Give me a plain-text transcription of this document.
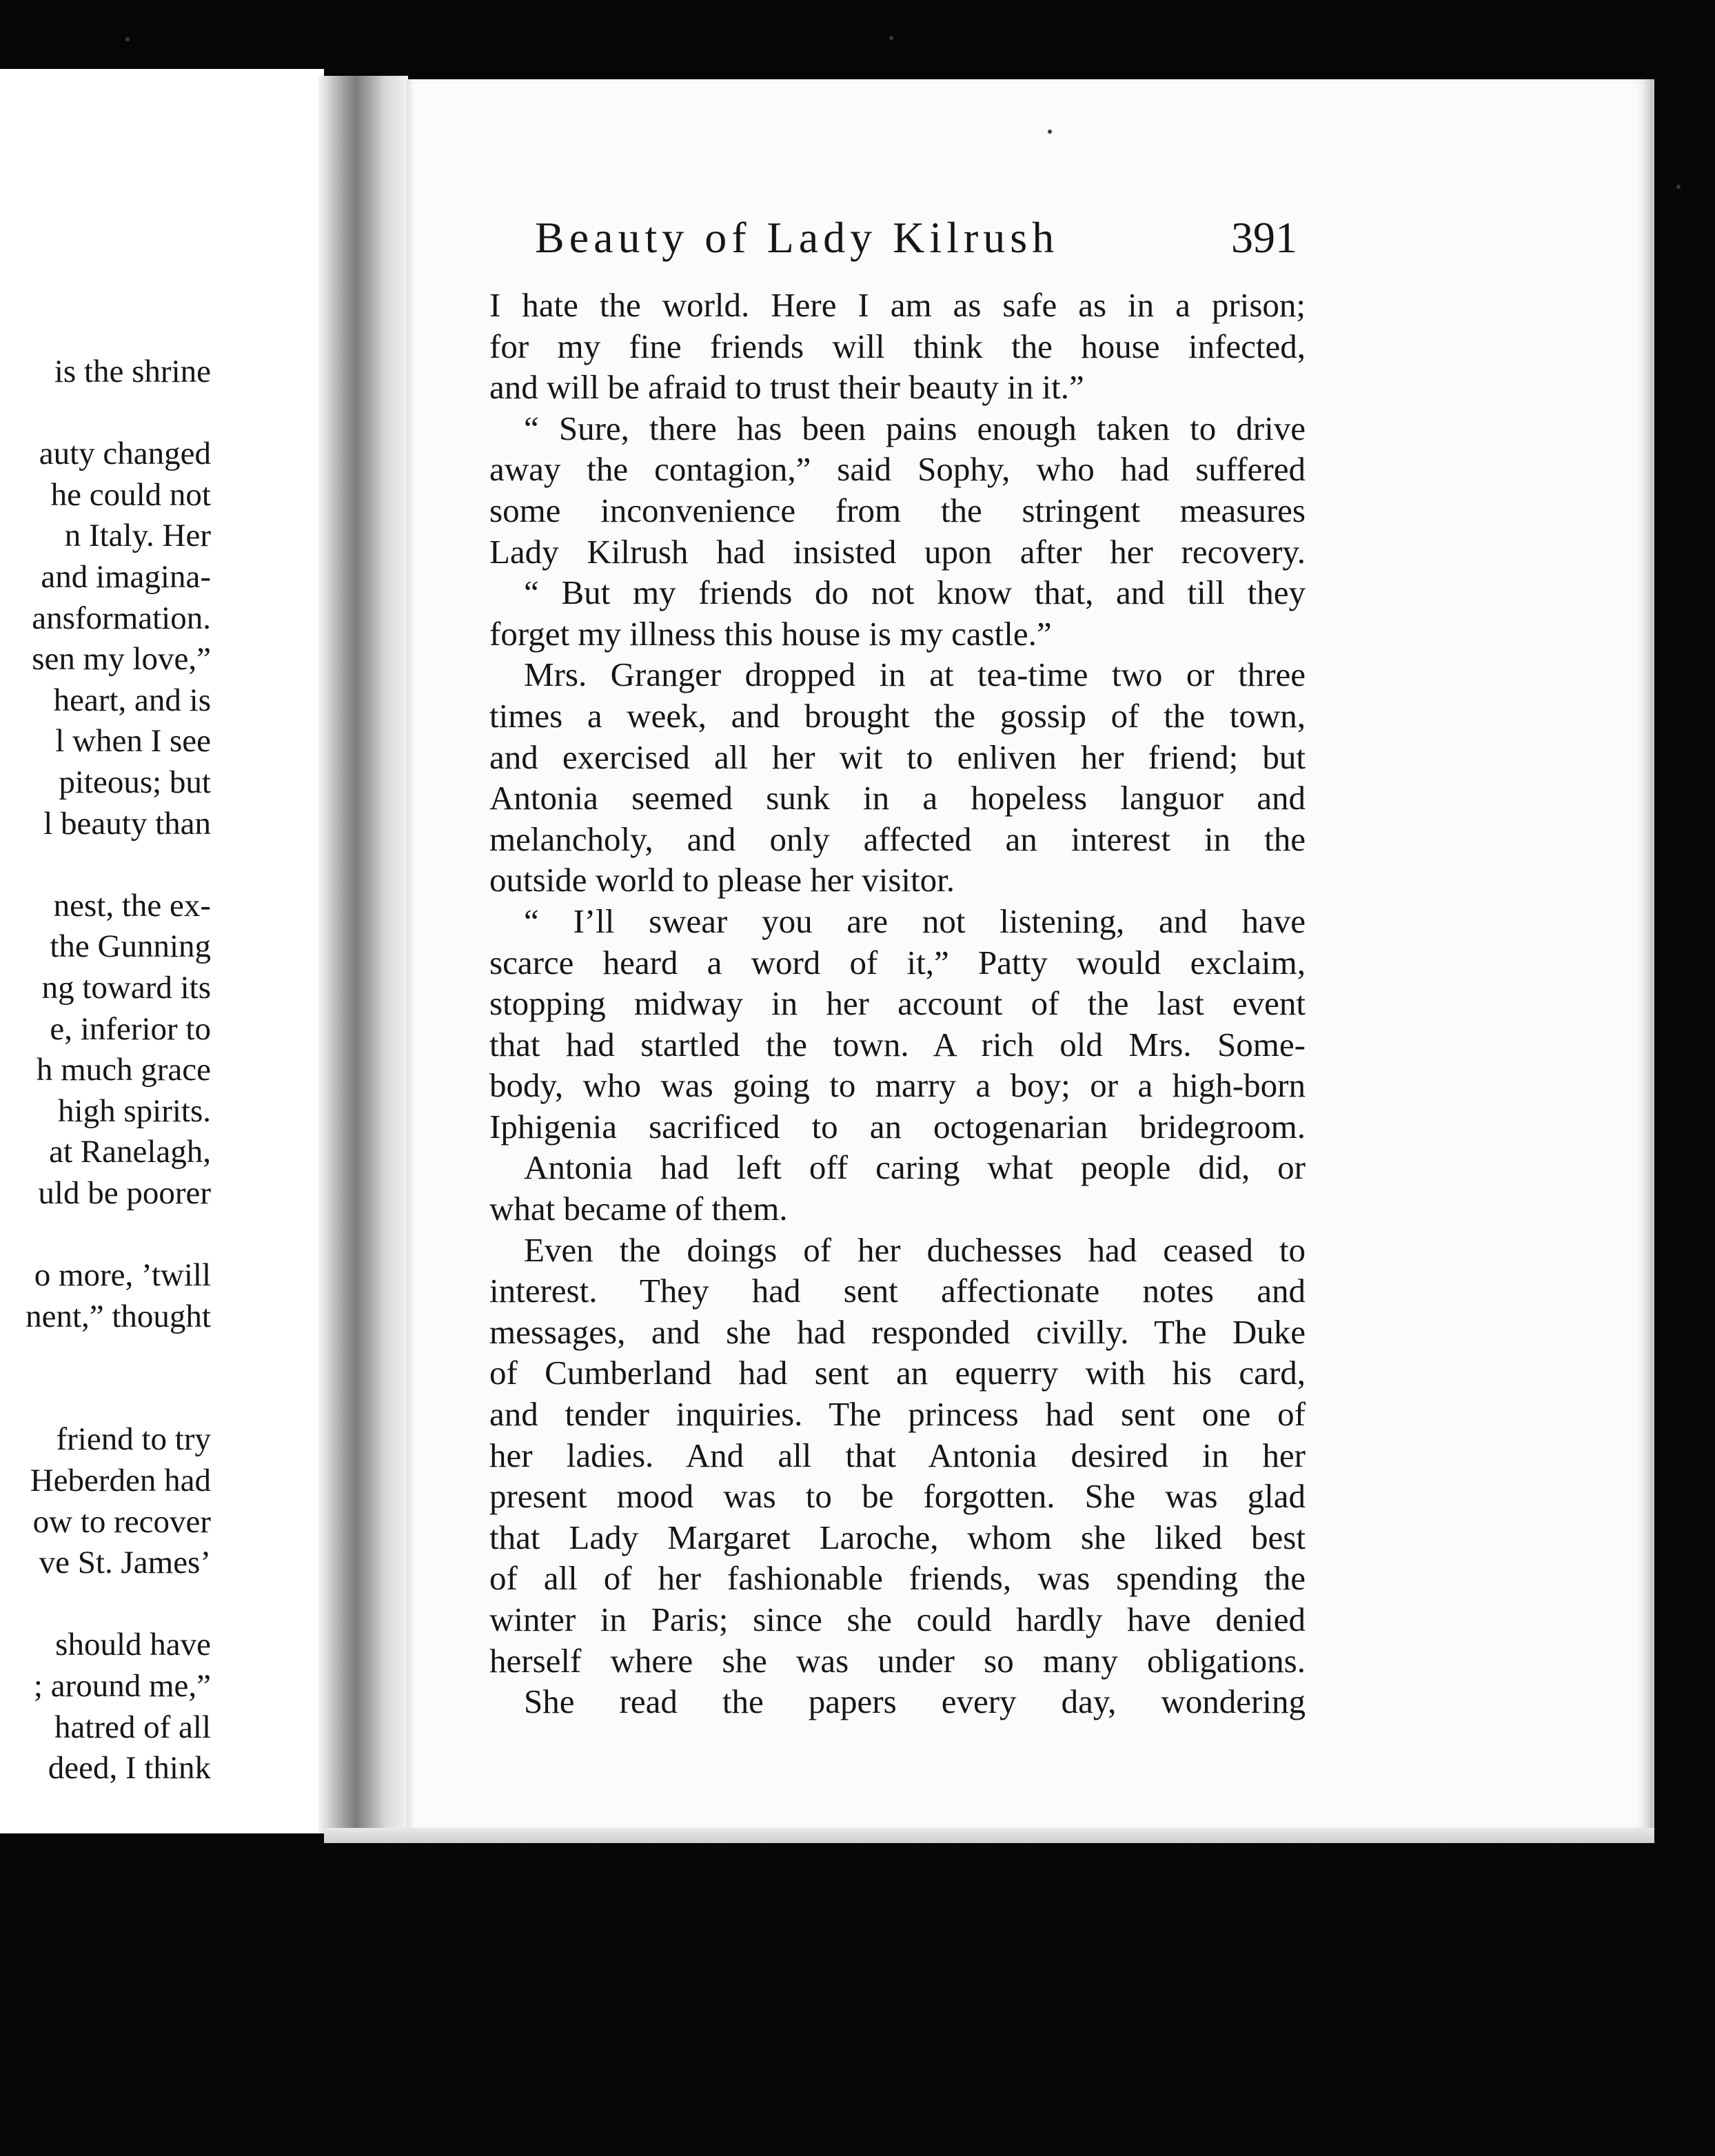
is the shrine
auty changed
he could not
n Italy. Her
and imagina-
ansformation.
sen my love,”
heart, and is
l when I see
piteous; but
l beauty than
nest, the ex-
the Gunning
ng toward its
e, inferior to
h much grace
high spirits.
at Ranelagh,
uld be poorer
o more, ’twill
nent,” thought
friend to try
Heberden had
ow to recover
ve St. James’
should have
; around me,”
hatred of all
deed, I think
Beauty of Lady Kilrush	391
I hate the world. Here I am as safe as in a prison;
for my fine friends will think the house infected,
and will be afraid to trust their beauty in it.”
“ Sure, there has been pains enough taken to drive
away the contagion,” said Sophy, who had suffered
some inconvenience from the stringent measures
Lady Kilrush had insisted upon after her recovery.
“ But my friends do not know that, and till they
forget my illness this house is my castle.”
Mrs. Granger dropped in at tea-time two or three
times a week, and brought the gossip of the town,
and exercised all her wit to enliven her friend; but
Antonia seemed sunk in a hopeless languor and
melancholy, and only affected an interest in the
outside world to please her visitor.
“ I’ll swear you are not listening, and have
scarce heard a word of it,” Patty would exclaim,
stopping midway in her account of the last event
that had startled the town. A rich old Mrs. Some-
body, who was going to marry a boy; or a high-born
Iphigenia sacrificed to an octogenarian bridegroom.
Antonia had left off caring what people did, or
what became of them.
Even the doings of her duchesses had ceased to
interest. They had sent affectionate notes and
messages, and she had responded civilly. The Duke
of Cumberland had sent an equerry with his card,
and tender inquiries. The princess had sent one of
her ladies. And all that Antonia desired in her
present mood was to be forgotten. She was glad
that Lady Margaret Laroche, whom she liked best
of all of her fashionable friends, was spending the
winter in Paris; since she could hardly have denied
herself where she was under so many obligations.
She read the papers every day, wondering
